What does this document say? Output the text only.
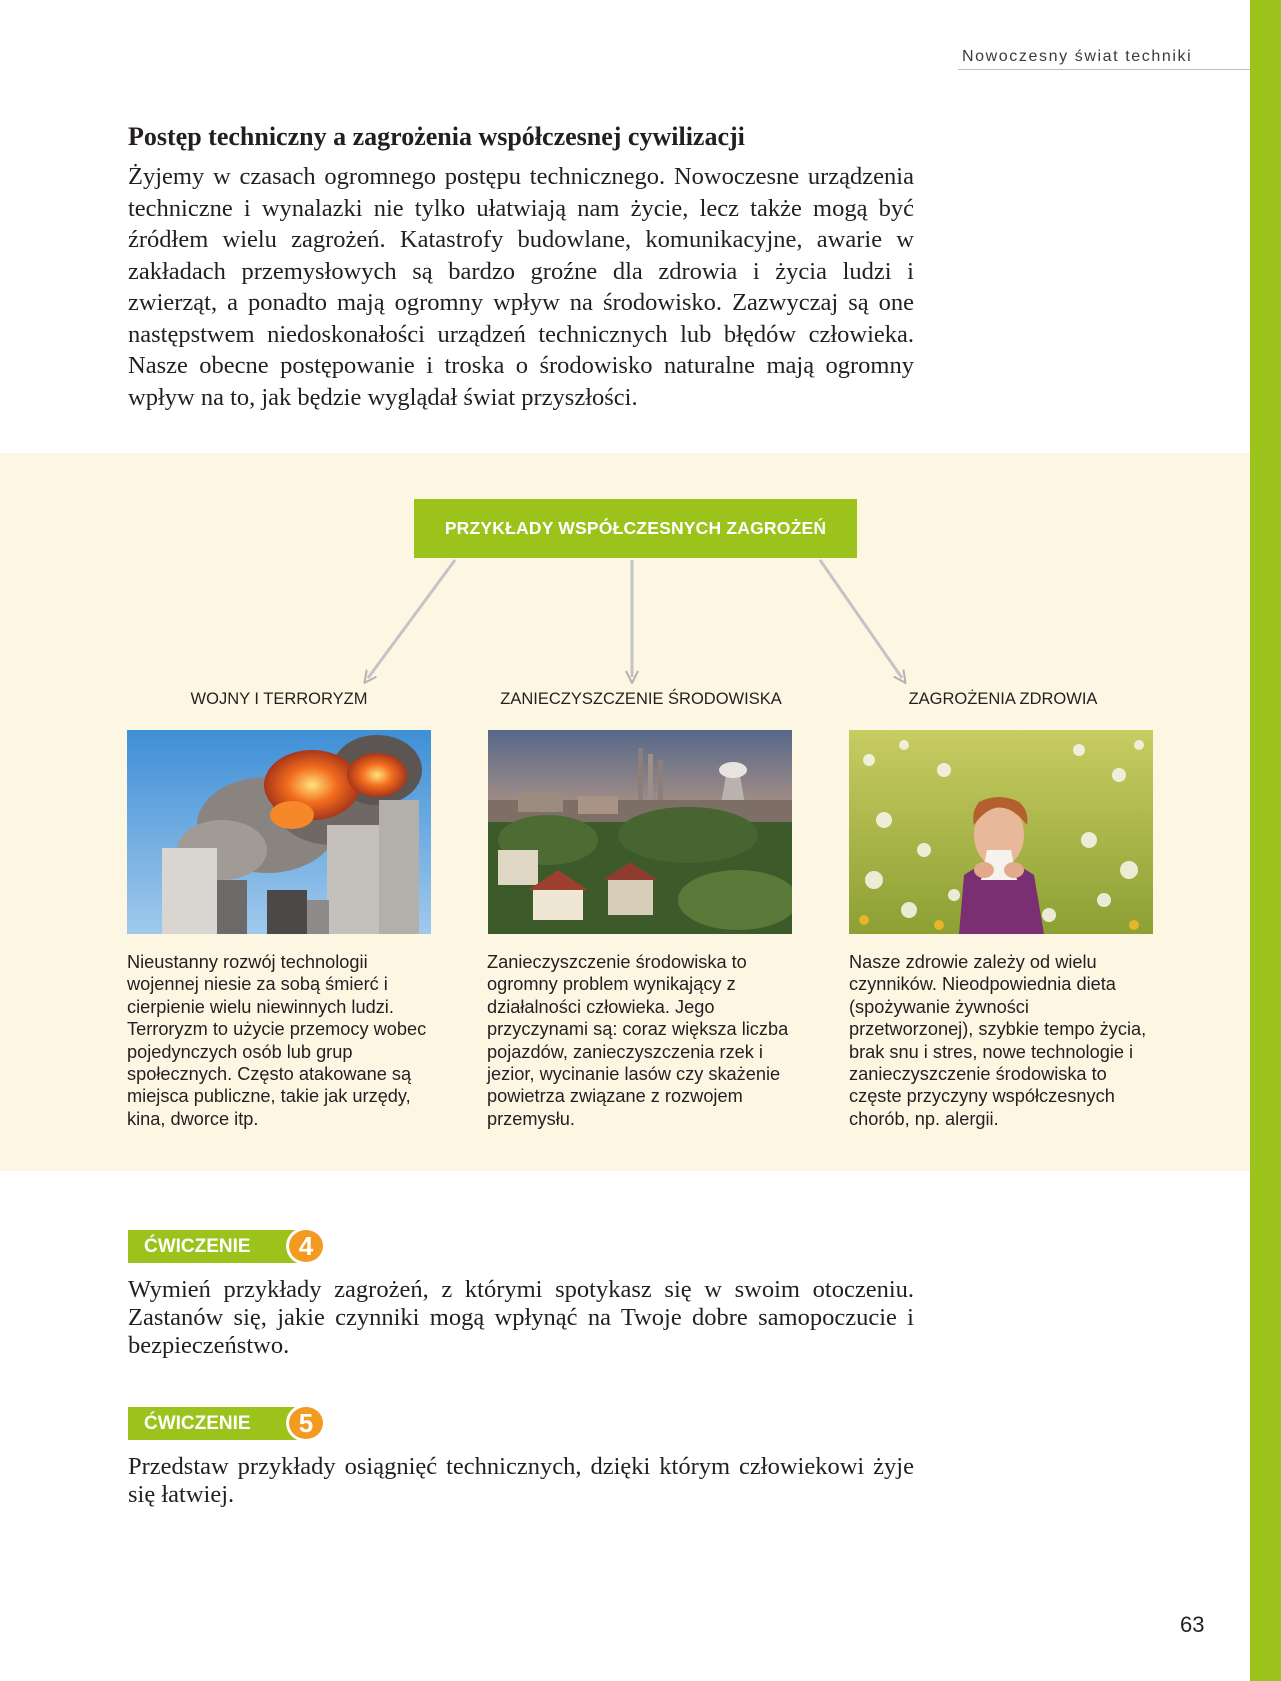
Nowoczesny świat techniki
Postęp techniczny a zagrożenia współczesnej cywilizacji

Żyjemy w czasach ogromnego postępu technicznego. Nowoczesne urządzenia techniczne i wynalazki nie tylko ułatwiają nam życie, lecz także mogą być źródłem wielu zagrożeń. Katastrofy budowlane, komunikacyjne, awarie w zakładach przemysłowych są bardzo groźne dla zdrowia i życia ludzi i zwierząt, a ponadto mają ogromny wpływ na środowisko. Zazwyczaj są one następstwem niedoskonałości urządzeń technicznych lub błędów człowieka. Nasze obecne postępowanie i troska o środowisko naturalne mają ogromny wpływ na to, jak będzie wyglądał świat przyszłości.

PRZYKŁADY WSPÓŁCZESNYCH ZAGROŻEŃ
WOJNY I TERRORYZM

Nieustanny rozwój technologii wojennej niesie za sobą śmierć i cierpienie wielu niewinnych ludzi. Terroryzm to użycie przemocy wobec pojedynczych osób lub grup społecznych. Często atakowane są miejsca publiczne, takie jak urzędy, kina, dworce itp.

ZANIECZYSZCZENIE ŚRODOWISKA

Zanieczyszczenie środowiska to ogromny problem wynikający z działalności człowieka. Jego przyczynami są: coraz większa liczba pojazdów, zanieczyszczenia rzek i jezior, wycinanie lasów czy skażenie powietrza związane z rozwojem przemysłu.

ZAGROŻENIA ZDROWIA

Nasze zdrowie zależy od wielu czynników. Nieodpowiednia dieta (spożywanie żywności przetworzonej), szybkie tempo życia, brak snu i stres, nowe technologie i zanieczyszczenie środowiska to częste przyczyny współczesnych chorób, np. alergii.

ĆWICZENIE	4

Wymień przykłady zagrożeń, z którymi spotykasz się w swoim otoczeniu. Zastanów się, jakie czynniki mogą wpłynąć na Twoje dobre samopoczucie i bezpieczeństwo.

ĆWICZENIE	5

Przedstaw przykłady osiągnięć technicznych, dzięki którym człowiekowi żyje się łatwiej.

63
